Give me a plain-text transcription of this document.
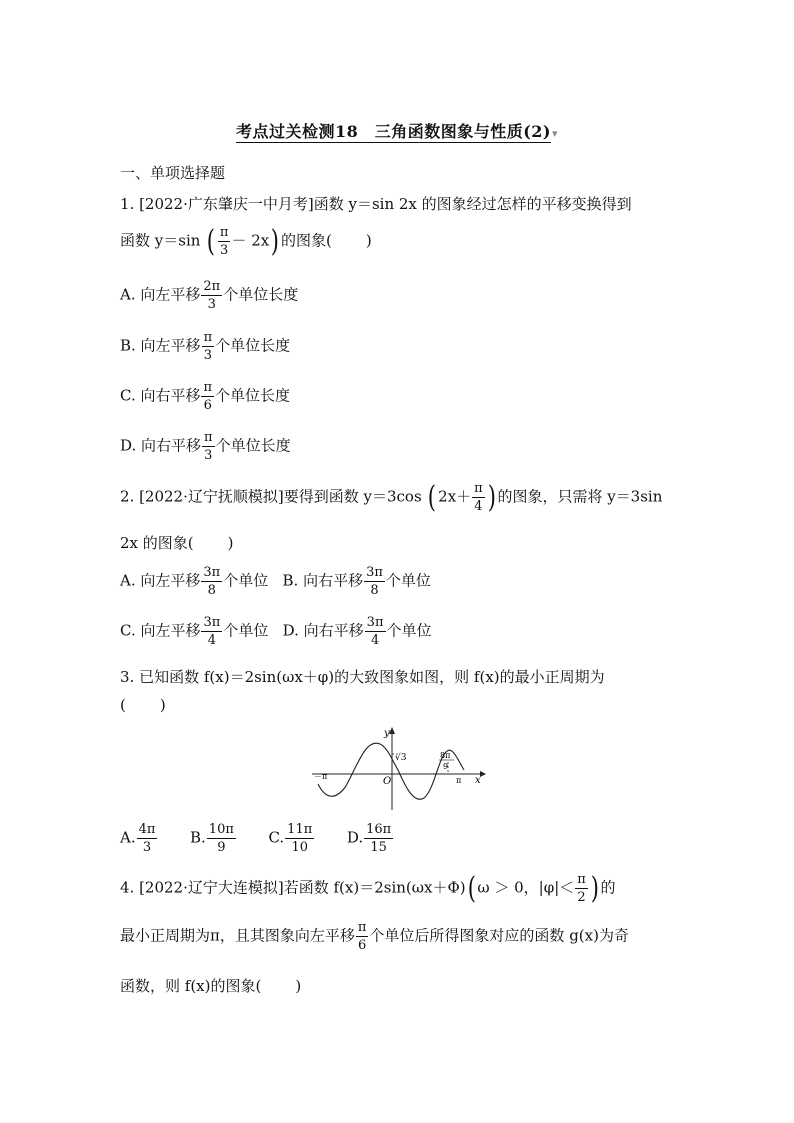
考点过关检测18　三角函数图象与性质(2)▾
一、单项选择题
1. [2022·广东肇庆一中月考]函数 y＝sin 2x 的图象经过怎样的平移变换得到
函数 y＝sin ( $\frac{\pi}{3} - 2x$) 的图象( )
A. 向左平移 $\frac{2\pi}{3}$ 个单位长度
B. 向左平移 $\frac{\pi}{3}$ 个单位长度
C. 向右平移 $\frac{\pi}{6}$ 个单位长度
D. 向右平移 $\frac{\pi}{3}$ 个单位长度
2. [2022·辽宁抚顺模拟]要得到函数 y＝3cos ( $2x+ \frac{\pi}{4}$ ) 的图象，只需将 y＝3sin
2x 的图象( )
A. 向左平移 $\frac{3\pi}{8}$ 个单位 B. 向右平移 $\frac{3\pi}{8}$ 个单位
C. 向左平移 $\frac{3\pi}{4}$ 个单位 D. 向右平移 $\frac{3\pi}{4}$ 个单位
3. 已知函数 f(x)＝2sin(ωx＋φ)的大致图象如图，则 f(x)的最小正周期为
( )
y
x
O
√3
－π	π
8π
9
A. $\frac{4\pi}{3} B$. $\frac{10\pi}{9} C$. $\frac{11\pi}{10} D$. $\frac{16\pi}{15}$
4. [2022·辽宁大连模拟]若函数 f(x)＝2sin(ωx＋Φ)( ω ＞ 0，$|\varphi|< \frac{\pi}{2}$ ) 的
最小正周期为π，且其图象向左平移 $\frac{\pi}{6}$ 个单位后所得图象对应的函数 g(x)为奇
函数，则 f(x)的图象( )
